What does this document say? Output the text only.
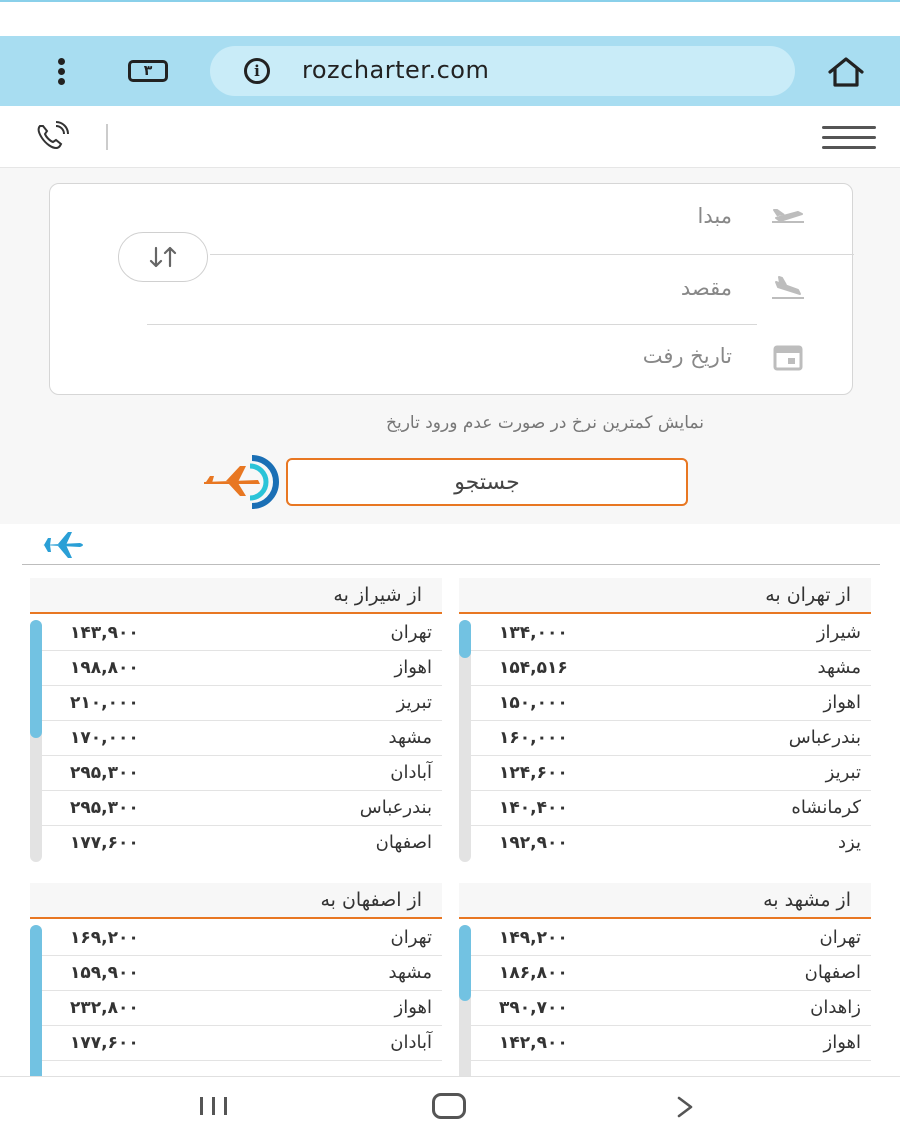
۳	i	rozcharter.com
مبدا
مقصد
تاریخ رفت
نمایش کمترین نرخ در صورت عدم ورود تاریخ
جستجو
از تهران به
شیراز
۱۳۴,۰۰۰
مشهد
۱۵۴,۵۱۶
اهواز
۱۵۰,۰۰۰
بندرعباس
۱۶۰,۰۰۰
تبریز
۱۲۴,۶۰۰
کرمانشاه
۱۴۰,۴۰۰
یزد
۱۹۲,۹۰۰
از شیراز به
تهران
۱۴۳,۹۰۰
اهواز
۱۹۸,۸۰۰
تبریز
۲۱۰,۰۰۰
مشهد
۱۷۰,۰۰۰
آبادان
۲۹۵,۳۰۰
بندرعباس
۲۹۵,۳۰۰
اصفهان
۱۷۷,۶۰۰
از مشهد به
تهران
۱۴۹,۲۰۰
اصفهان
۱۸۶,۸۰۰
زاهدان
۳۹۰,۷۰۰
اهواز
۱۴۲,۹۰۰
از اصفهان به
تهران
۱۶۹,۲۰۰
مشهد
۱۵۹,۹۰۰
اهواز
۲۳۲,۸۰۰
آبادان
۱۷۷,۶۰۰
